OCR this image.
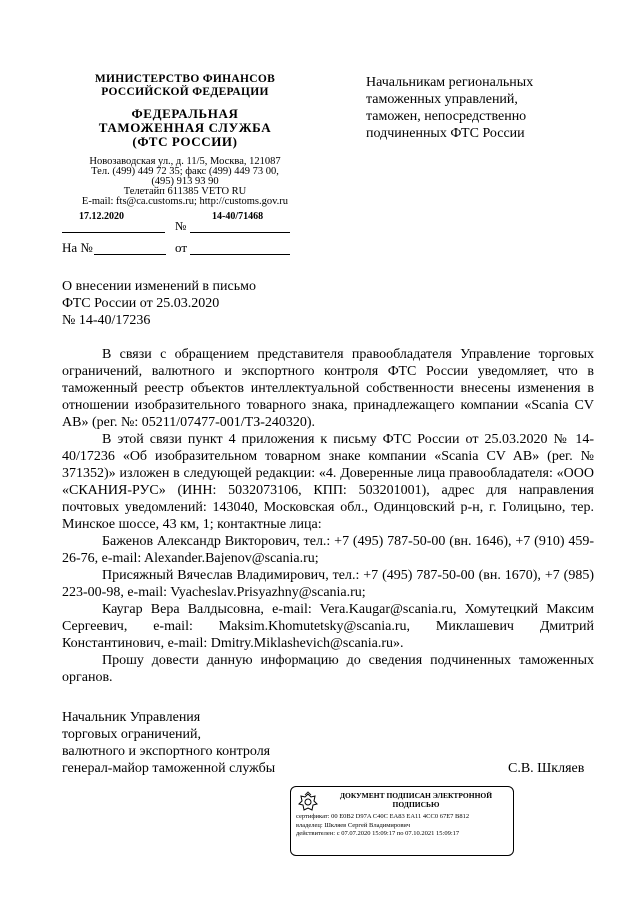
МИНИСТЕРСТВО ФИНАНСОВ
РОССИЙСКОЙ ФЕДЕРАЦИИ
ФЕДЕРАЛЬНАЯ
ТАМОЖЕННАЯ СЛУЖБА
(ФТС РОССИИ)
Новозаводская ул., д. 11/5, Москва, 121087
Тел. (499) 449 72 35; факс (499) 449 73 00,
(495) 913 93 90
Телетайп 611385 VETO RU
E-mail: fts@ca.customs.ru; http://customs.gov.ru
17.12.2020
№
14-40/71468
На №	от
Начальникам региональных
таможенных управлений,
таможен, непосредственно
подчиненных ФТС России
О внесении изменений в письмо
ФТС России от 25.03.2020
№ 14-40/17236

В связи с обращением представителя правообладателя Управление торговых ограничений, валютного и экспортного контроля ФТС России уведомляет, что в таможенный реестр объектов интеллектуальной собственности внесены изменения в отношении изобразительного товарного знака, принадлежащего компании «Scania CV AB» (рег. №: 05211/07477-001/ТЗ-240320).

В этой связи пункт 4 приложения к письму ФТС России от 25.03.2020 № 14-40/17236 «Об изобразительном товарном знаке компании «Scania CV AB» (рег. № 371352)» изложен в следующей редакции: «4. Доверенные лица правообладателя: «ООО «СКАНИЯ-РУС» (ИНН: 5032073106, КПП: 503201001), адрес для направления почтовых уведомлений: 143040, Московская обл., Одинцовский р-н, г. Голицыно, тер. Минское шоссе, 43 км, 1; контактные лица:

Баженов Александр Викторович, тел.: +7 (495) 787-50-00 (вн. 1646), +7 (910) 459-26-76, e-mail: Alexander.Bajenov@scania.ru;

Присяжный Вячеслав Владимирович, тел.: +7 (495) 787-50-00 (вн. 1670), +7 (985) 223-00-98, e-mail: Vyacheslav.Prisyazhny@scania.ru;

Каугар Вера Валдысовна, e-mail: Vera.Kaugar@scania.ru, Хомутецкий Максим Сергеевич, e-mail: Maksim.Khomutetsky@scania.ru, Миклашевич Дмитрий Константинович, e-mail: Dmitry.Miklashevich@scania.ru».

Прошу довести данную информацию до сведения подчиненных таможенных органов.

Начальник Управления
торговых ограничений,
валютного и экспортного контроля
генерал-майор таможенной службы	С.В. Шкляев
ДОКУМЕНТ ПОДПИСАН ЭЛЕКТРОННОЙ
ПОДПИСЬЮ
сертификат: 00 E0B2 D97A C40C EA83 EA11 4CC0 67E7 B812
владелец: Шкляев Сергей Владимирович
действителен: с 07.07.2020 15:09:17 по 07.10.2021 15:09:17
